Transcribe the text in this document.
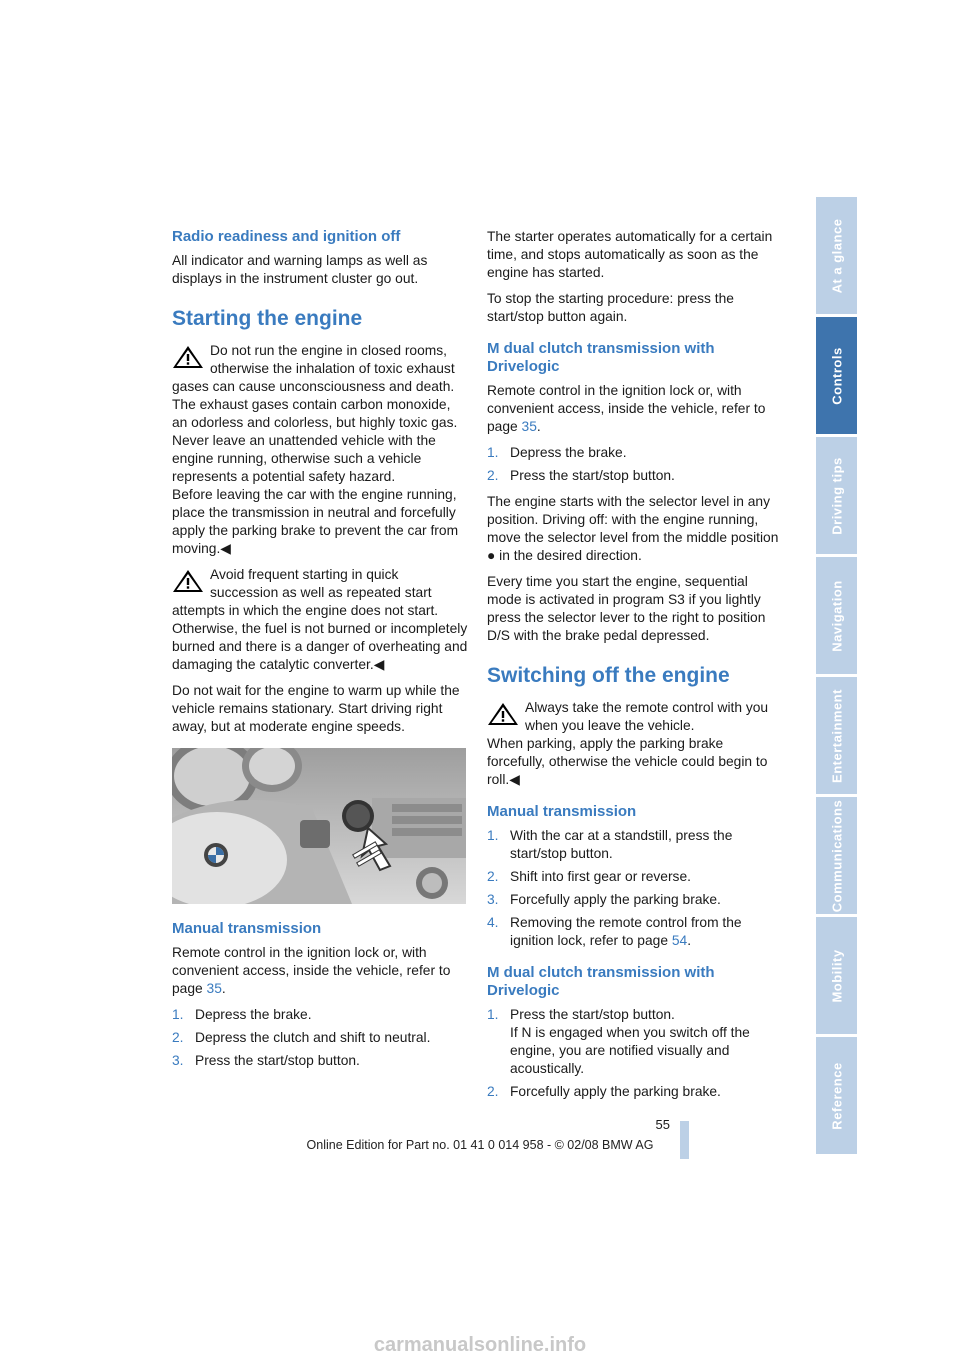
Radio readiness and ignition off

All indicator and warning lamps as well as displays in the instrument cluster go out.

Starting the engine
Do not run the engine in closed rooms, otherwise the inhalation of toxic exhaust gases can cause unconsciousness and death. The exhaust gases contain carbon monoxide, an odorless and colorless, but highly toxic gas. Never leave an unattended vehicle with the engine running, otherwise such a vehicle represents a potential safety hazard.
Before leaving the car with the engine running, place the transmission in neutral and forcefully apply the parking brake to prevent the car from moving.◀
Avoid frequent starting in quick succession as well as repeated start attempts in which the engine does not start. Otherwise, the fuel is not burned or incompletely burned and there is a danger of overheating and damaging the catalytic converter.◀

Do not wait for the engine to warm up while the vehicle remains stationary. Start driving right away, but at moderate engine speeds.

Manual transmission

Remote control in the ignition lock or, with convenient access, inside the vehicle, refer to page 35.

1. Depress the brake.
2. Depress the clutch and shift to neutral.
3. Press the start/stop button.

The starter operates automatically for a certain time, and stops automatically as soon as the engine has started.

To stop the starting procedure: press the start/stop button again.

M dual clutch transmission with Drivelogic

Remote control in the ignition lock or, with convenient access, inside the vehicle, refer to page 35.

1. Depress the brake.
2. Press the start/stop button.

The engine starts with the selector level in any position. Driving off: with the engine running, move the selector level from the middle position ● in the desired direction.

Every time you start the engine, sequential mode is activated in program S3 if you lightly press the selector lever to the right to position D/S with the brake pedal depressed.

Switching off the engine
Always take the remote control with you when you leave the vehicle.
When parking, apply the parking brake forcefully, otherwise the vehicle could begin to roll.◀
Manual transmission
1. With the car at a standstill, press the start/stop button.
2. Shift into first gear or reverse.
3. Forcefully apply the parking brake.
4. Removing the remote control from the ignition lock, refer to page 54.
M dual clutch transmission with Drivelogic
1. Press the start/stop button.
If N is engaged when you switch off the engine, you are notified visually and acoustically.
2. Forcefully apply the parking brake.
At a glance
Controls
Driving tips
Navigation
Entertainment
Communications
Mobility
Reference
55
Online Edition for Part no. 01 41 0 014 958 - © 02/08 BMW AG
carmanualsonline.info
